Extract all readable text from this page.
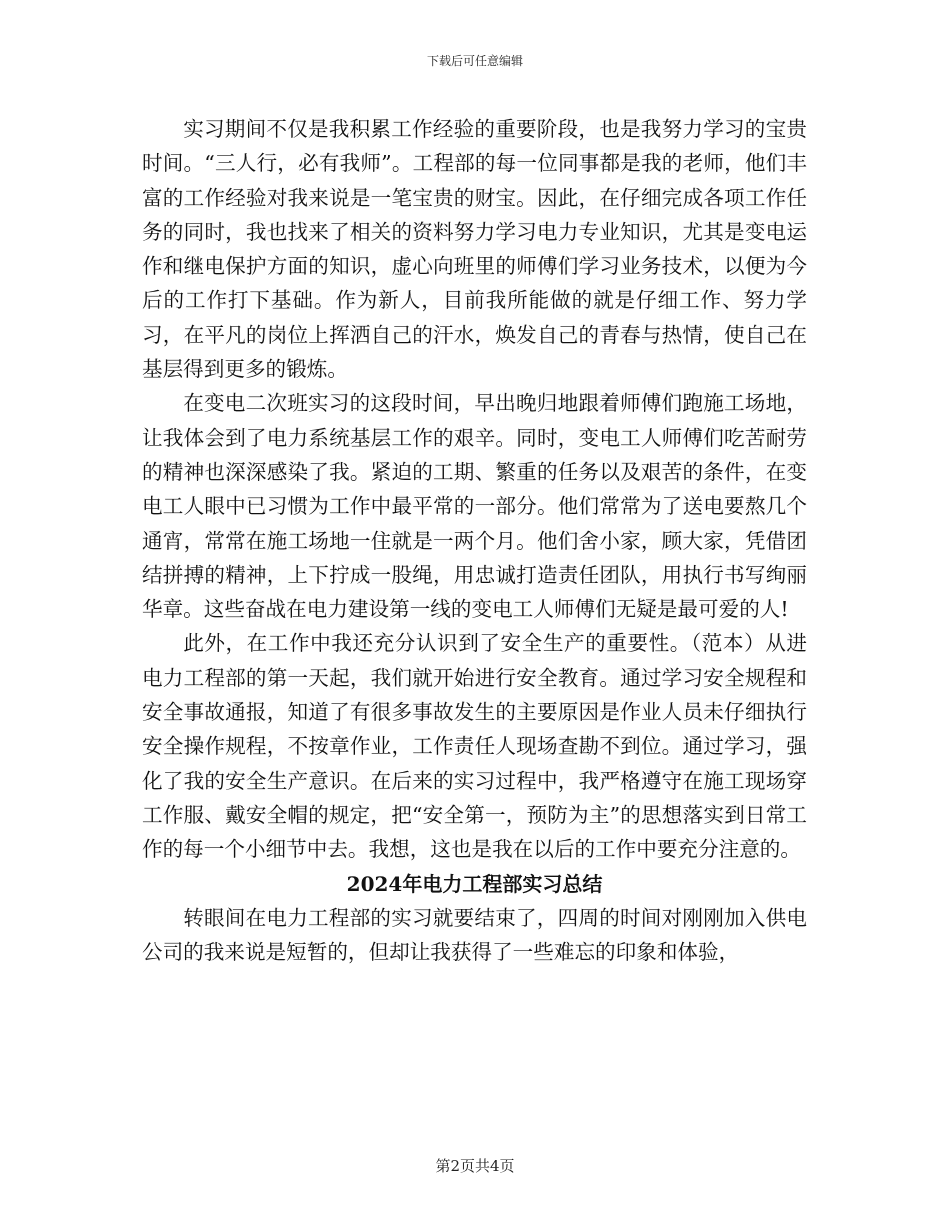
下载后可任意编辑

实习期间不仅是我积累工作经验的重要阶段，也是我努力学习的宝贵时间。“三人行，必有我师”。工程部的每一位同事都是我的老师，他们丰富的工作经验对我来说是一笔宝贵的财宝。因此，在仔细完成各项工作任务的同时，我也找来了相关的资料努力学习电力专业知识，尤其是变电运作和继电保护方面的知识，虚心向班里的师傅们学习业务技术，以便为今后的工作打下基础。作为新人，目前我所能做的就是仔细工作、努力学习，在平凡的岗位上挥洒自己的汗水，焕发自己的青春与热情，使自己在基层得到更多的锻炼。

在变电二次班实习的这段时间，早出晚归地跟着师傅们跑施工场地，让我体会到了电力系统基层工作的艰辛。同时，变电工人师傅们吃苦耐劳的精神也深深感染了我。紧迫的工期、繁重的任务以及艰苦的条件，在变电工人眼中已习惯为工作中最平常的一部分。他们常常为了送电要熬几个通宵，常常在施工场地一住就是一两个月。他们舍小家，顾大家，凭借团结拼搏的精神，上下拧成一股绳，用忠诚打造责任团队，用执行书写绚丽华章。这些奋战在电力建设第一线的变电工人师傅们无疑是最可爱的人!

此外，在工作中我还充分认识到了安全生产的重要性。（范本）从进电力工程部的第一天起，我们就开始进行安全教育。通过学习安全规程和安全事故通报，知道了有很多事故发生的主要原因是作业人员未仔细执行安全操作规程，不按章作业，工作责任人现场查勘不到位。通过学习，强化了我的安全生产意识。在后来的实习过程中，我严格遵守在施工现场穿工作服、戴安全帽的规定，把“安全第一，预防为主”的思想落实到日常工作的每一个小细节中去。我想，这也是我在以后的工作中要充分注意的。

2024年电力工程部实习总结

转眼间在电力工程部的实习就要结束了，四周的时间对刚刚加入供电公司的我来说是短暂的，但却让我获得了一些难忘的印象和体验，

第2页共4页
